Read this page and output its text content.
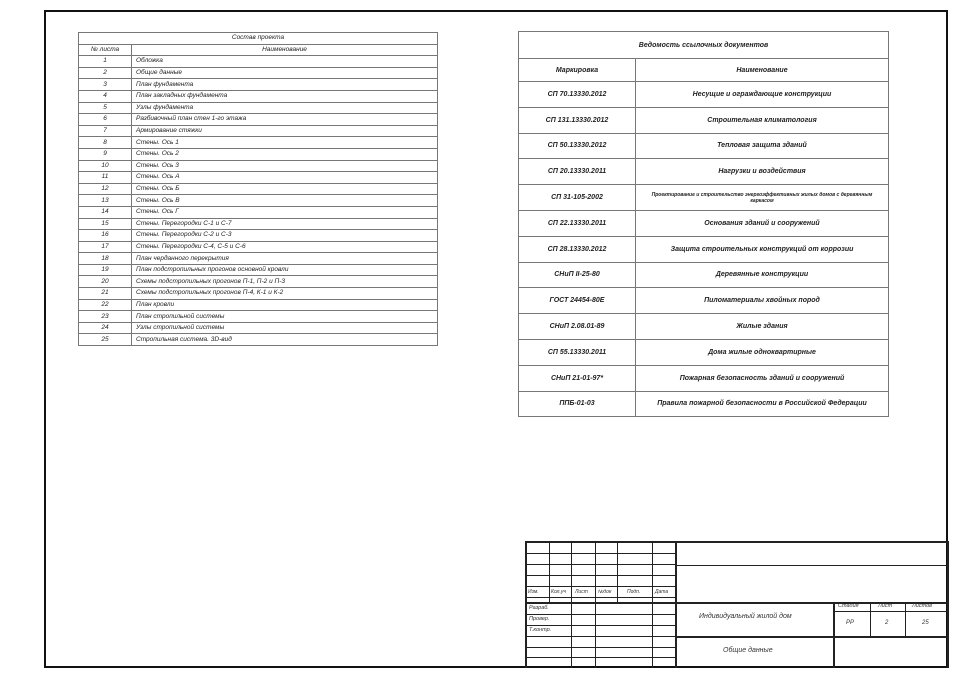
Состав проекта	
№ листа	Наименование
1	Обложка
2	Общие данные
3	План фундамента
4	План закладных фундамента
5	Узлы фундамента
6	Разбивочный план стен 1-го этажа
7	Армирование стяжки
8	Стены. Ось 1
9	Стены. Ось 2
10	Стены. Ось 3
11	Стены. Ось А
12	Стены. Ось Б
13	Стены. Ось В
14	Стены. Ось Г
15	Стены. Перегородки С-1 и С-7
16	Стены. Перегородки С-2 и С-3
17	Стены. Перегородки С-4, С-5 и С-6
18	План черданного перекрытия
19	План подстропильных прогонов основной кровли
20	Схемы подстропильных прогонов П-1, П-2 и П-3
21	Схемы подстропильных прогонов П-4, К-1 и К-2
22	План кровли
23	План стропильной системы
24	Узлы стропильной системы
25	Стропильная система. 3D-вид
Ведомость ссылочных документов	
Маркировка	Наименование
СП 70.13330.2012	Несущие и ограждающие конструкции
СП 131.13330.2012	Строительная климатология
СП 50.13330.2012	Тепловая защита зданий
СП 20.13330.2011	Нагрузки и воздействия
СП 31-105-2002	Проектирование и строительство энергоэффективных жилых домов с деревянным каркасом
СП 22.13330.2011	Основания зданий и сооружений
СП 28.13330.2012	Защита строительных конструкций от коррозии
СНиП II-25-80	Деревянные конструкции
ГОСТ 24454-80Е	Пиломатериалы хвойных пород
СНиП 2.08.01-89	Жилые здания
СП 55.13330.2011	Дома жилые одноквартирные
СНиП 21-01-97*	Пожарная безопасность зданий и сооружений
ППБ-01-03	Правила пожарной безопасности в Российской Федерации
Изм. Кол.уч Лист №док	Подп.	Дата
Разраб.
Провер.
Т.контр.
Индивидуальный жилой дом
Общие данные
Стадия	Лист	Листов
РР	2	25
